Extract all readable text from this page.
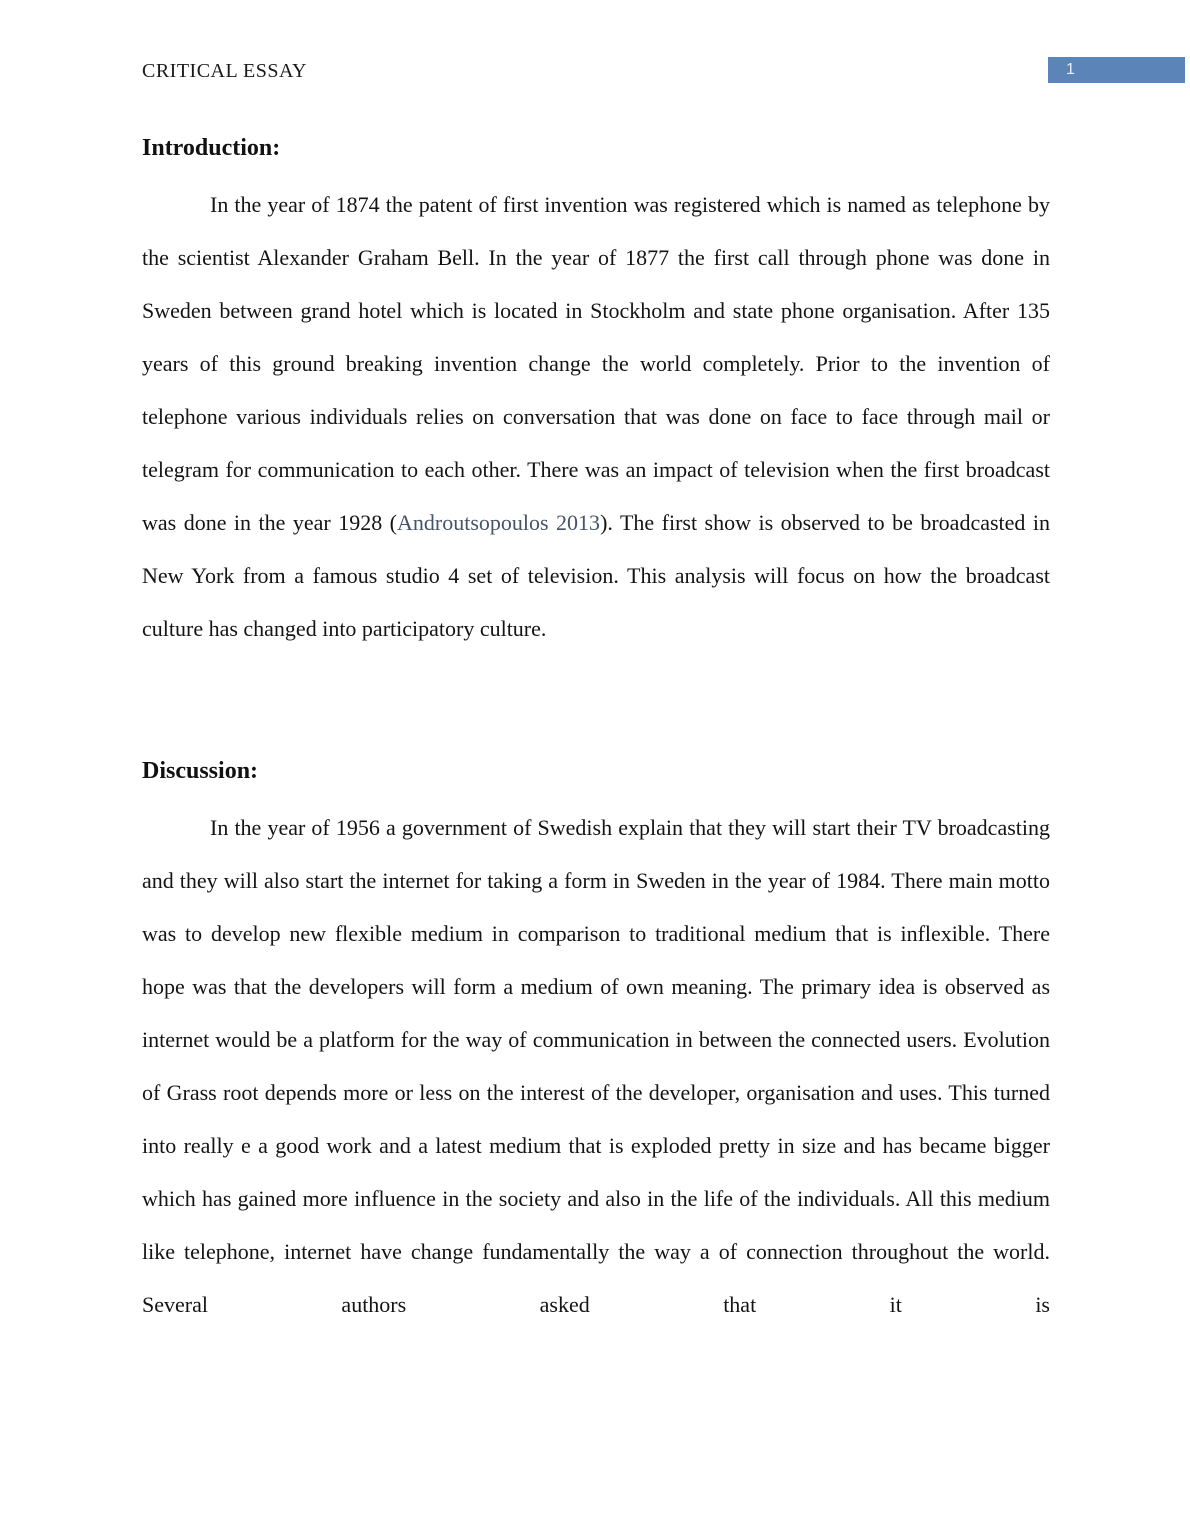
CRITICAL ESSAY	1
Introduction:

In the year of 1874 the patent of first invention was registered which is named as telephone by the scientist Alexander Graham Bell. In the year of 1877 the first call through phone was done in Sweden between grand hotel which is located in Stockholm and state phone organisation. After 135 years of this ground breaking invention change the world completely. Prior to the invention of telephone various individuals relies on conversation that was done on face to face through mail or telegram for communication to each other. There was an impact of television when the first broadcast was done in the year 1928 (Androutsopoulos 2013). The first show is observed to be broadcasted in New York from a famous studio 4 set of television. This analysis will focus on how the broadcast culture has changed into participatory culture.

Discussion:

In the year of 1956 a government of Swedish explain that they will start their TV broadcasting and they will also start the internet for taking a form in Sweden in the year of 1984. There main motto was to develop new flexible medium in comparison to traditional medium that is inflexible. There hope was that the developers will form a medium of own meaning. The primary idea is observed as internet would be a platform for the way of communication in between the connected users. Evolution of Grass root depends more or less on the interest of the developer, organisation and uses. This turned into really e a good work and a latest medium that is exploded pretty in size and has became bigger which has gained more influence in the society and also in the life of the individuals. All this medium like telephone, internet have change fundamentally the way a of connection throughout the world. Several authors asked that it is
